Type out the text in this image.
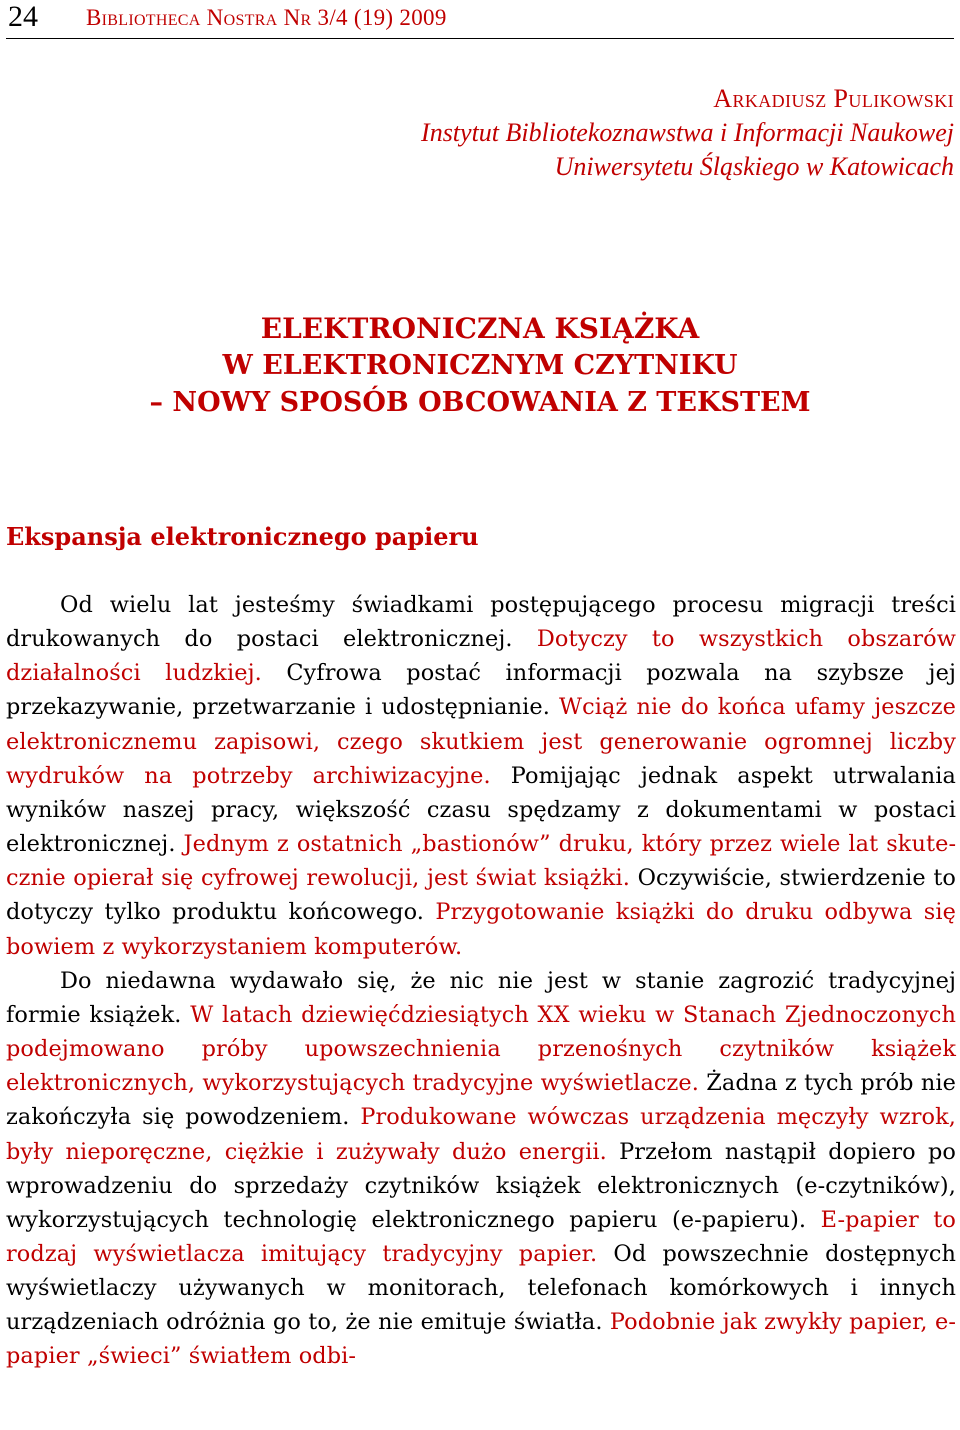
24 Bibliotheca Nostra Nr 3/4 (19) 2009
Arkadiusz Pulikowski
Instytut Bibliotekoznawstwa i Informacji Naukowej
Uniwersytetu Śląskiego w Katowicach
ELEKTRONICZNA KSIĄŻKA
W ELEKTRONICZNYM CZYTNIKU
– NOWY SPOSÓB OBCOWANIA Z TEKSTEM
Ekspansja elektronicznego papieru

Od wielu lat jesteśmy świadkami postępującego procesu migracji treści drukowanych do postaci elektronicznej. Dotyczy to wszystkich obszarów działalności ludzkiej. Cyfrowa postać informacji pozwala na szybsze jej przekazywanie, przetwarzanie i udostępnianie. Wciąż nie do końca ufamy jeszcze elektronicznemu zapisowi, czego skutkiem jest generowanie ogromnej liczby wydruków na potrzeby archiwizacyjne. Pomijając jednak aspekt utrwalania wyników naszej pracy, większość czasu spędzamy z dokumentami w postaci elektronicznej. Jednym z ostatnich „bastionów” druku, który przez wiele lat skutecznie opierał się cyfrowej rewolucji, jest świat książki. Oczywiście, stwierdzenie to dotyczy tylko produktu końcowego. Przygotowanie książki do druku odbywa się bowiem z wykorzystaniem komputerów.

Do niedawna wydawało się, że nic nie jest w stanie zagrozić tradycyjnej formie książek. W latach dziewięćdziesiątych XX wieku w Stanach Zjednoczonych podejmowano próby upowszechnienia przenośnych czytników książek elektronicznych, wykorzystujących tradycyjne wyświetlacze. Żadna z tych prób nie zakończyła się powodzeniem. Produkowane wówczas urządzenia męczyły wzrok, były nieporęczne, ciężkie i zużywały dużo energii. Przełom nastąpił dopiero po wprowadzeniu do sprzedaży czytników książek elektronicznych (e-czytników), wykorzystujących technologię elektronicznego papieru (e-papieru). E-papier to rodzaj wyświetlacza imitujący tradycyjny papier. Od powszechnie dostępnych wyświetlaczy używanych w monitorach, telefonach komórkowych i innych urządzeniach odróżnia go to, że nie emituje światła. Podobnie jak zwykły papier, e-papier „świeci” światłem odbi-
